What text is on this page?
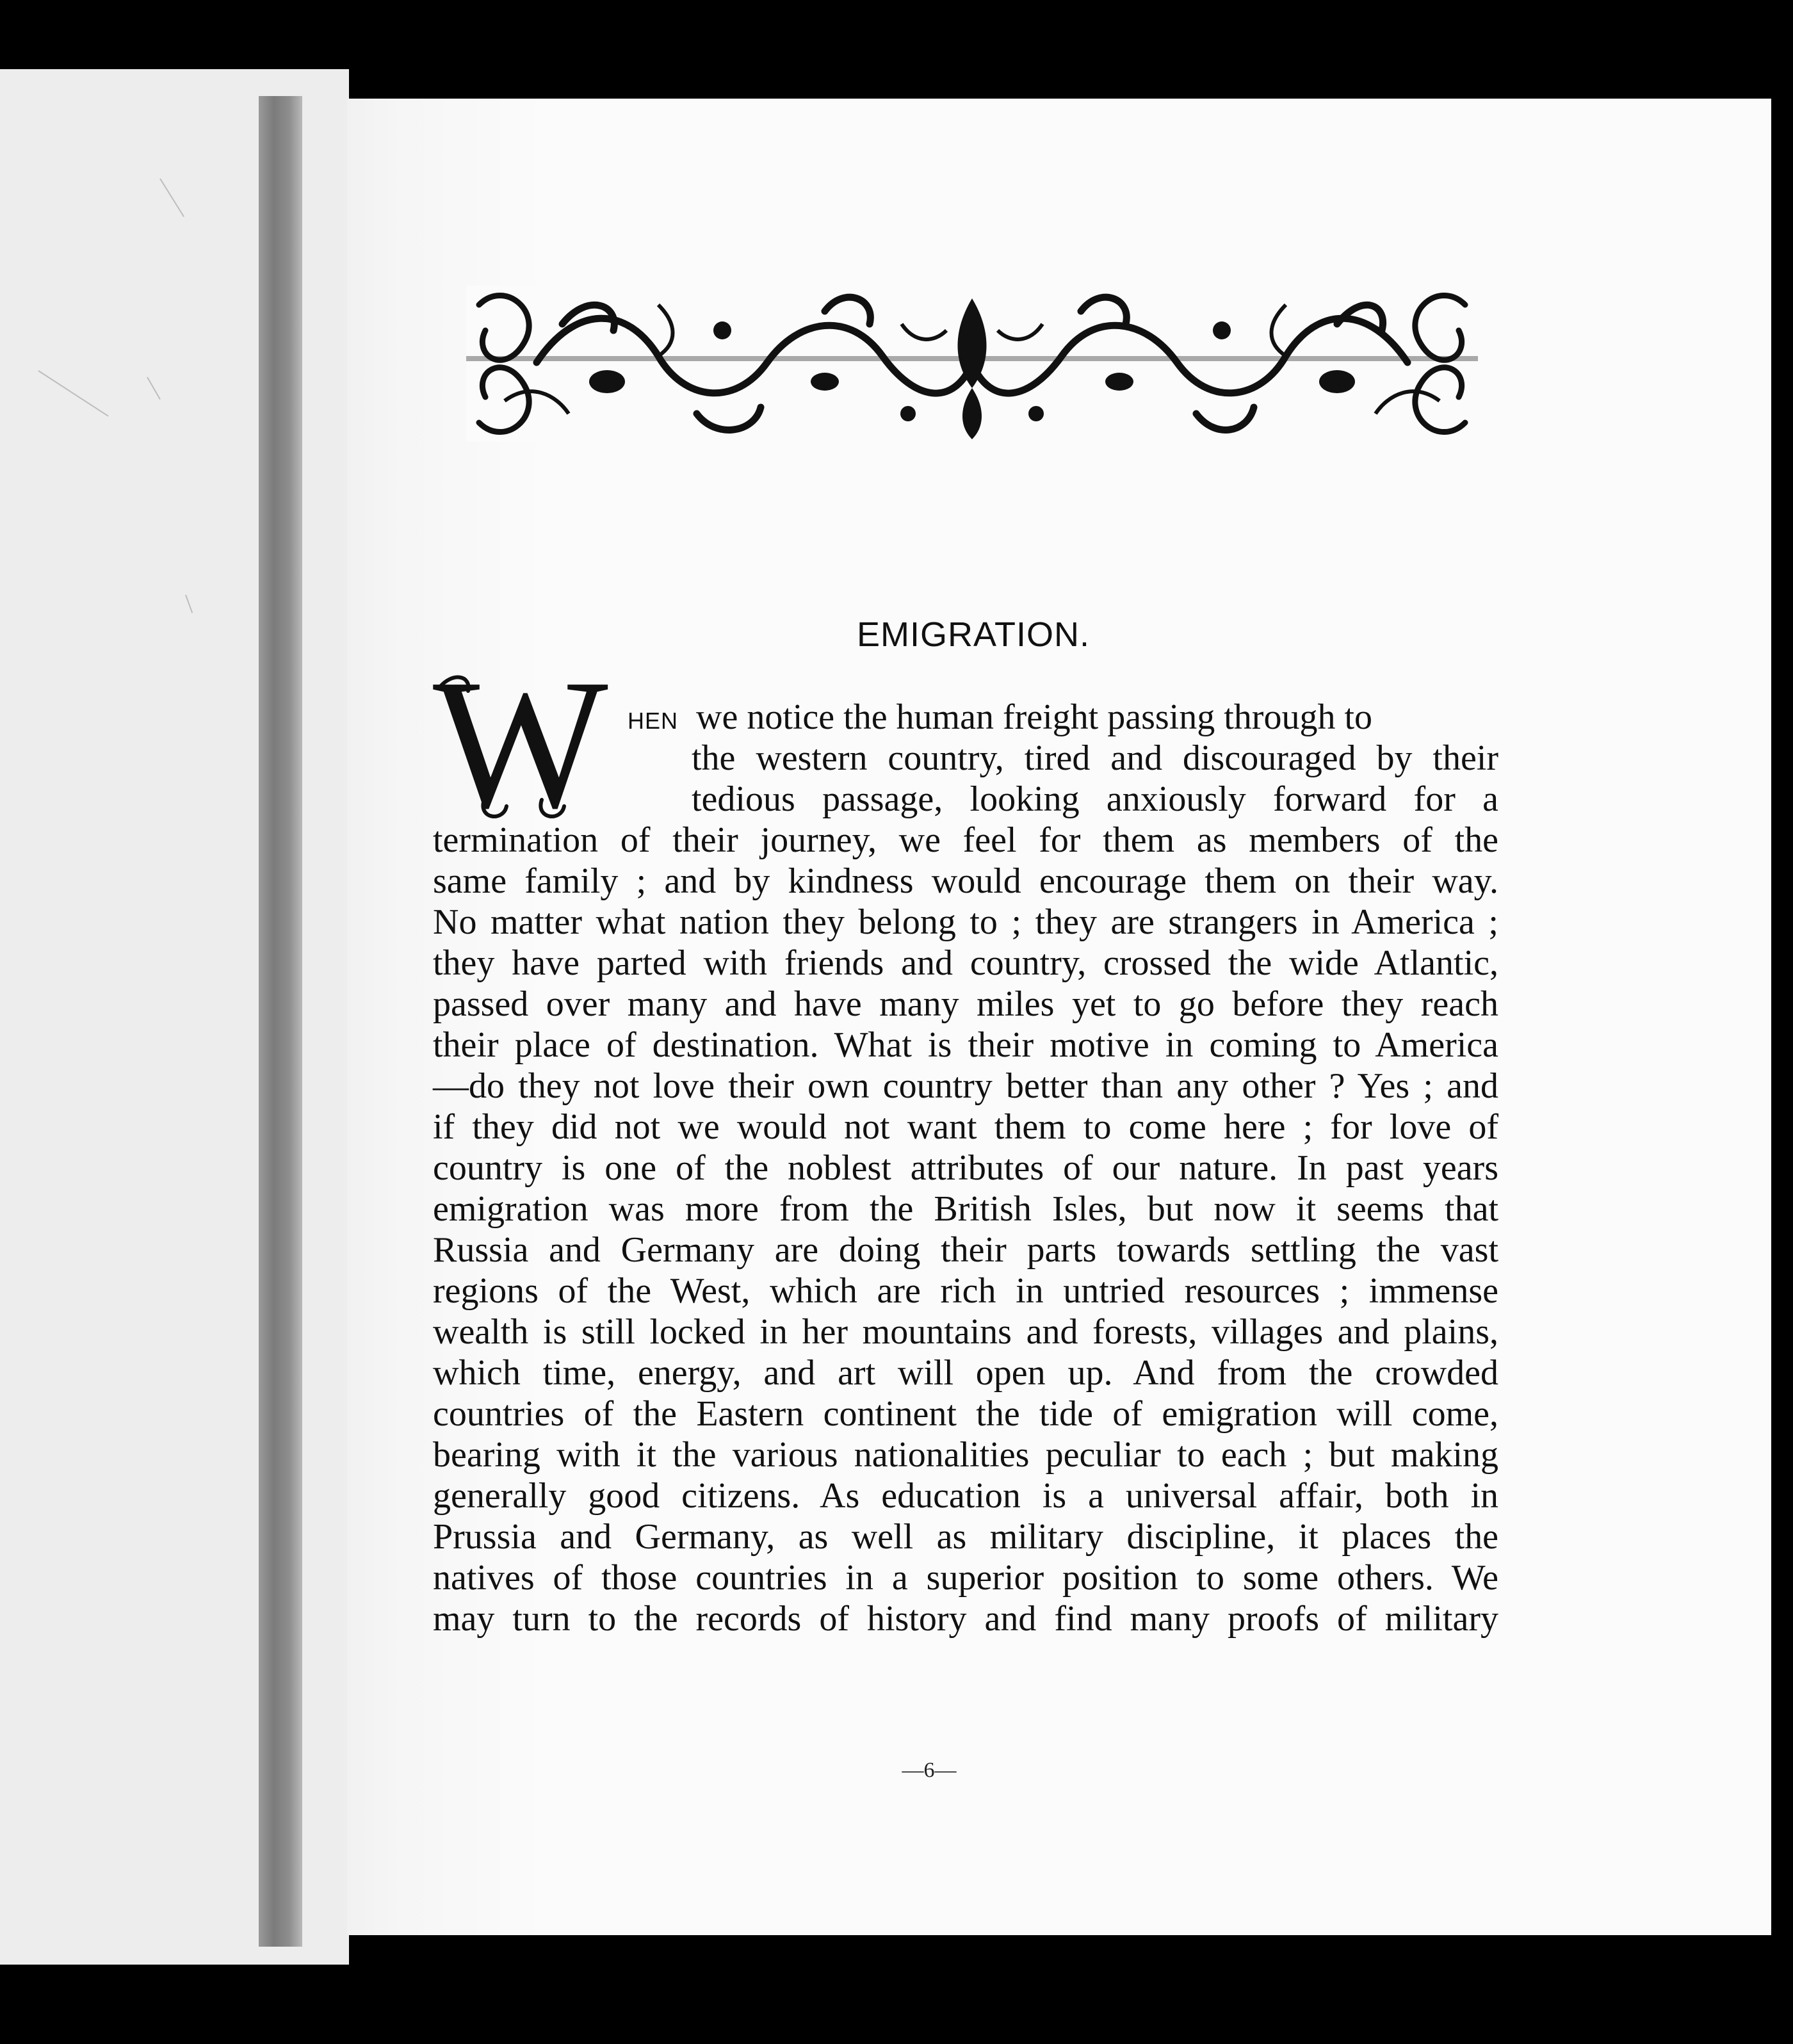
EMIGRATION.
W HEN we notice the human freight passing through to
the western country, tired and discouraged by their
tedious passage, looking anxiously forward for a
termination of their journey, we feel for them as members of the
same family ; and by kindness would encourage them on their way.
No matter what nation they belong to ; they are strangers in America ;
they have parted with friends and country, crossed the wide Atlantic,
passed over many and have many miles yet to go before they reach
their place of destination. What is their motive in coming to America
—do they not love their own country better than any other ? Yes ; and
if they did not we would not want them to come here ; for love of
country is one of the noblest attributes of our nature. In past years
emigration was more from the British Isles, but now it seems that
Russia and Germany are doing their parts towards settling the vast
regions of the West, which are rich in untried resources ; immense
wealth is still locked in her mountains and forests, villages and plains,
which time, energy, and art will open up. And from the crowded
countries of the Eastern continent the tide of emigration will come,
bearing with it the various nationalities peculiar to each ; but making
generally good citizens. As education is a universal affair, both in
Prussia and Germany, as well as military discipline, it places the
natives of those countries in a superior position to some others. We
may turn to the records of history and find many proofs of military
—6—
